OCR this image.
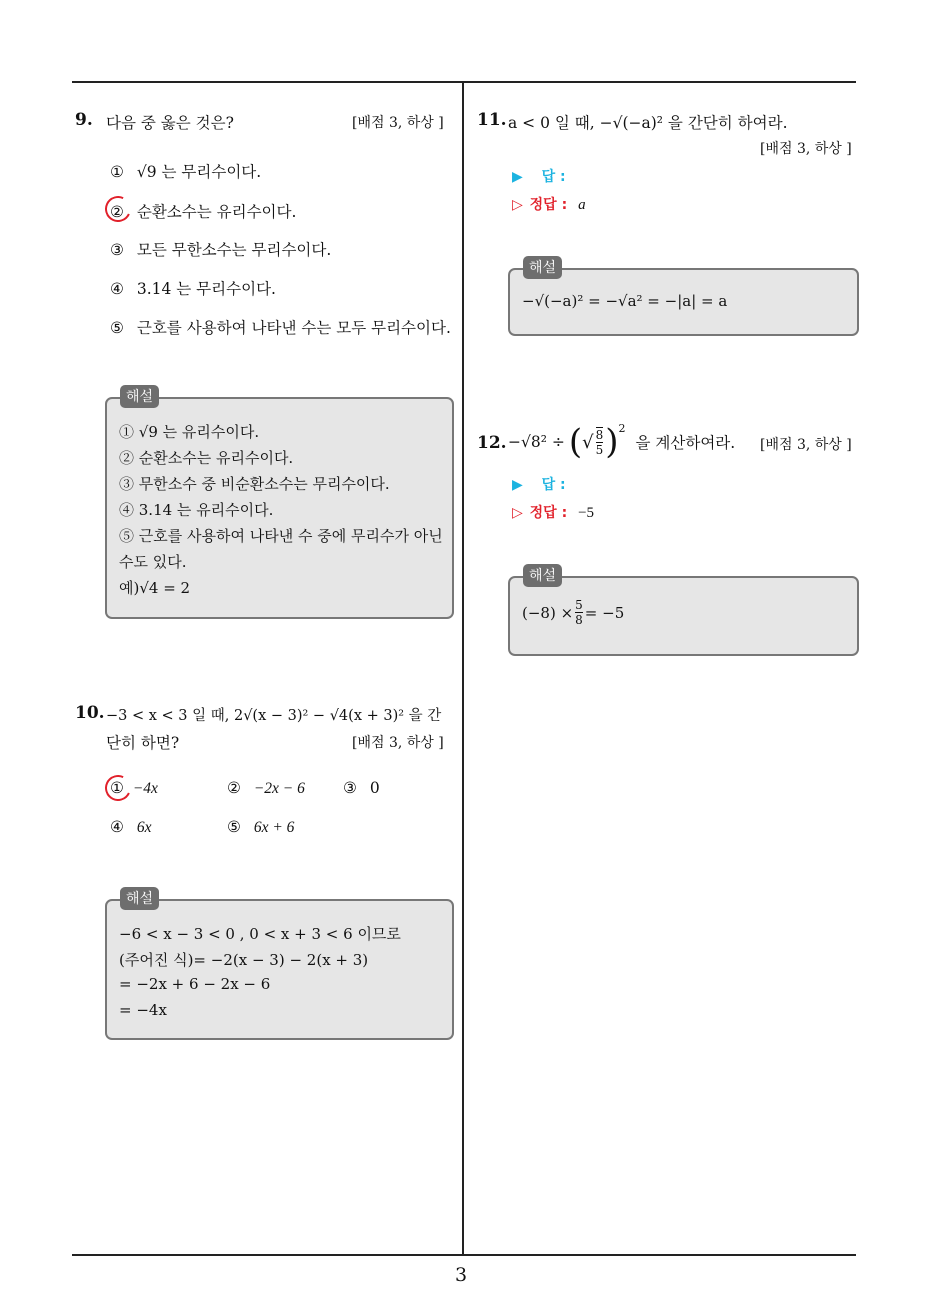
3
9. 다음 중 옳은 것은?	[배점 3, 하상 ]
① √9 는 무리수이다.
② 순환소수는 유리수이다.
③ 모든 무한소수는 무리수이다.
④ 3.14 는 무리수이다.
⑤ 근호를 사용하여 나타낸 수는 모두 무리수이다.
① √9 는 유리수이다.
② 순환소수는 유리수이다.
③ 무한소수 중 비순환소수는 무리수이다.
④ 3.14 는 유리수이다.
⑤ 근호를 사용하여 나타낸 수 중에 무리수가 아닌
수도 있다.
예)√4 = 2
해설
10. −3 < x < 3 일 때, 2√(x − 3)² − √4(x + 3)² 을 간
단히 하면?	[배점 3, 하상 ]
① −4x	② −2x − 6 ③ 0
④ 6x	⑤ 6x + 6
−6 < x − 3 < 0 , 0 < x + 3 < 6 이므로
(주어진 식)= −2(x − 3) − 2(x + 3)
= −2x + 6 − 2x − 6
= −4x
해설
11. a < 0 일 때, −√(−a)² 을 간단히 하여라.
[배점 3, 하상 ]
▶ 답 :
▷ 정답 : a
−√(−a)² = −√a² = −|a| = a
해설
12. −√8² ÷ ( √ $\frac{8}{5}$ ) 2
을 계산하여라. [배점 3, 하상 ]
▶ 답 :
▷ 정답 : −5
$(-8) \times \frac{5}{8} = -5$
해설
